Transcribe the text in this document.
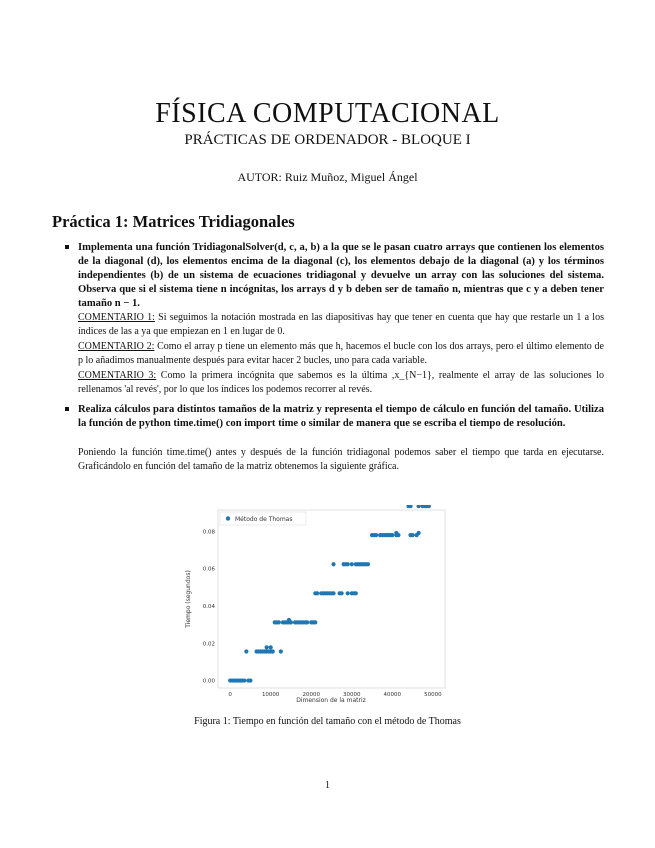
FÍSICA COMPUTACIONAL
PRÁCTICAS DE ORDENADOR - BLOQUE I
AUTOR: Ruiz Muñoz, Miguel Ángel
Práctica 1: Matrices Tridiagonales
Implementa una función TridiagonalSolver(d, c, a, b) a la que se le pasan cuatro arrays que contienen los elementos de la diagonal (d), los elementos encima de la diagonal (c), los elementos debajo de la diagonal (a) y los términos independientes (b) de un sistema de ecuaciones tridiagonal y devuelve un array con las soluciones del sistema. Observa que si el sistema tiene n incógnitas, los arrays d y b deben ser de tamaño n, mientras que c y a deben tener tamaño n − 1.
COMENTARIO 1: Si seguimos la notación mostrada en las diapositivas hay que tener en cuenta que hay que restarle un 1 a los índices de las a ya que empiezan en 1 en lugar de 0.
COMENTARIO 2: Como el array p tiene un elemento más que h, hacemos el bucle con los dos arrays, pero el último elemento de p lo añadimos manualmente después para evitar hacer 2 bucles, uno para cada variable.
COMENTARIO 3: Como la primera incógnita que sabemos es la última ,x_{N−1}, realmente el array de las soluciones lo rellenamos 'al revés', por lo que los índices los podemos recorrer al revés.
Realiza cálculos para distintos tamaños de la matriz y representa el tiempo de cálculo en función del tamaño. Utiliza la función de python time.time() con import time o similar de manera que se escriba el tiempo de resolución.
Poniendo la función time.time() antes y después de la función tridiagonal podemos saber el tiempo que tarda en ejecutarse. Graficándolo en función del tamaño de la matriz obtenemos la siguiente gráfica.
0.00
0.02
0.04
0.06
0.08
0	10000	20000	30000	40000	50000
Método de Thomas
Dimension de la matriz
Tiempo (segundos)
Figura 1: Tiempo en función del tamaño con el método de Thomas
1
